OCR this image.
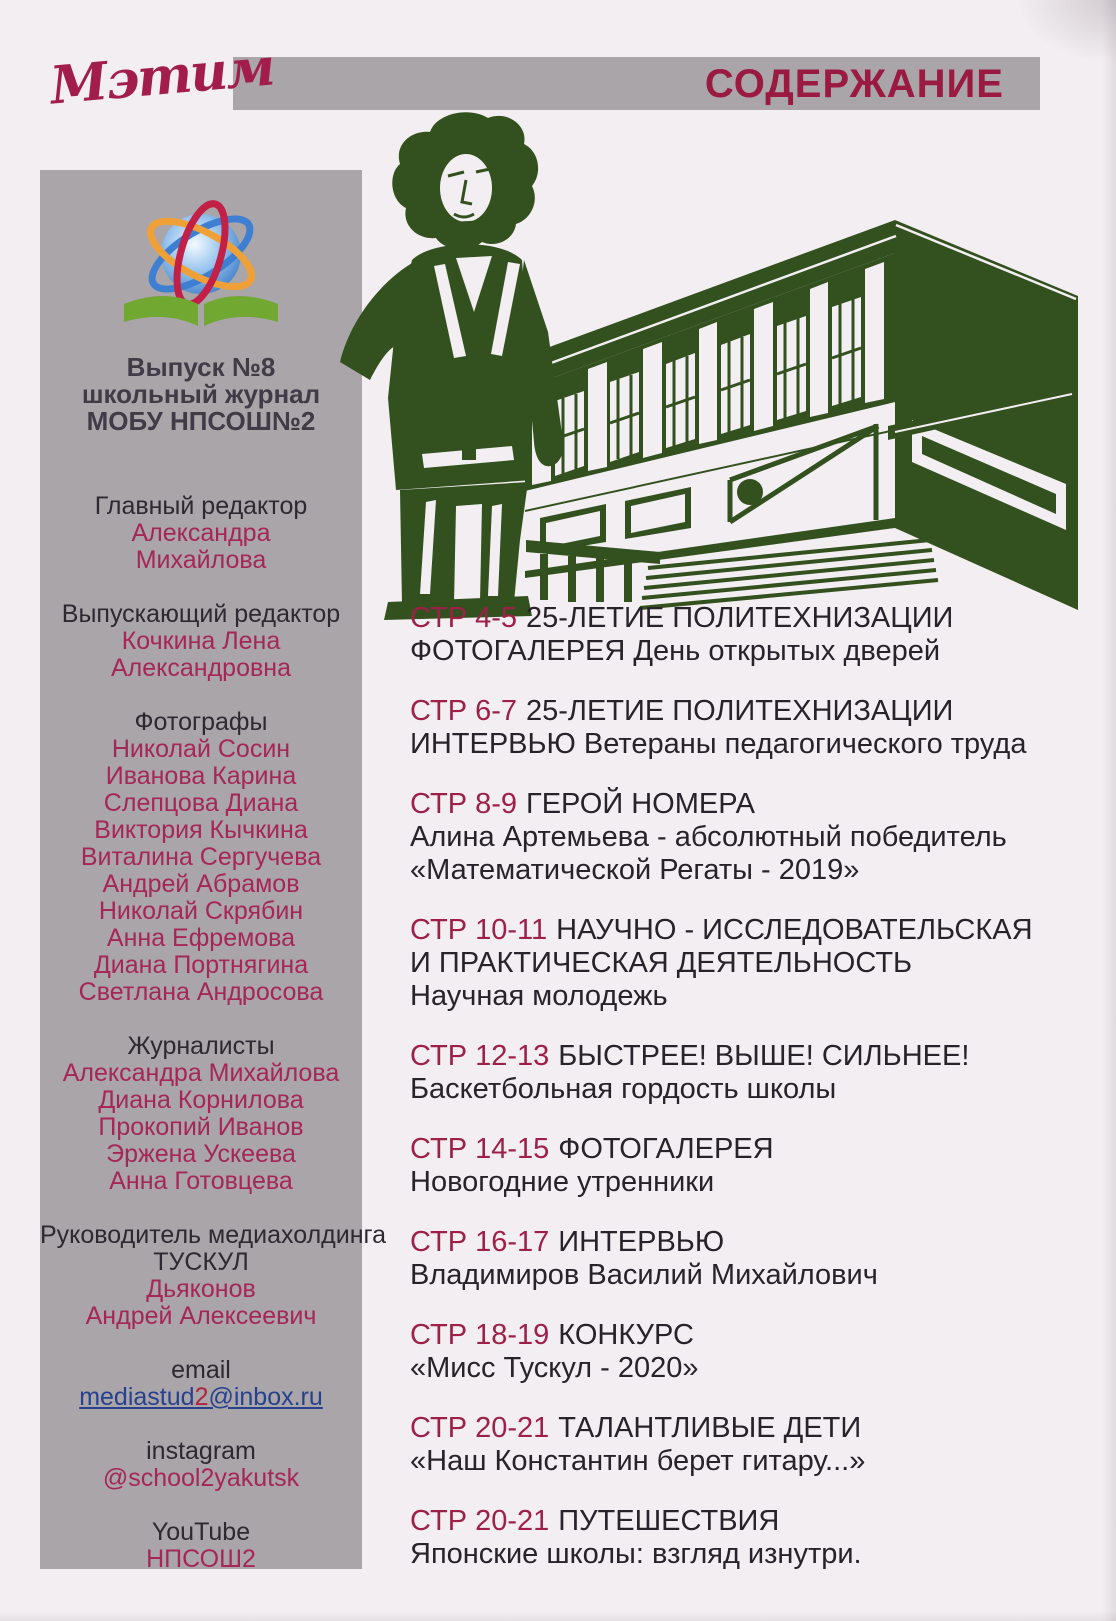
Мэтим	СОДЕРЖАНИЕ
Выпуск №8
школьный журнал
МОБУ НПСОШ№2
Главный редактор
Александра
Михайлова
Выпускающий редактор
Кочкина Лена
Александровна
Фотографы
Николай Сосин
Иванова Карина
Слепцова Диана
Виктория Кычкина
Виталина Сергучева
Андрей Абрамов
Николай Скрябин
Анна Ефремова
Диана Портнягина
Светлана Андросова
Журналисты
Александра Михайлова
Диана Корнилова
Прокопий Иванов
Эржена Ускеева
Анна Готовцева
Руководитель медиахолдинга
ТУСКУЛ
Дьяконов
Андрей Алексеевич
email
mediastud2@inbox.ru
instagram
@school2yakutsk
YouTube
НПСОШ2
СТР 4-5 25-ЛЕТИЕ ПОЛИТЕХНИЗАЦИИ
ФОТОГАЛЕРЕЯ День открытых дверей
СТР 6-7 25-ЛЕТИЕ ПОЛИТЕХНИЗАЦИИ
ИНТЕРВЬЮ Ветераны педагогического труда
СТР 8-9 ГЕРОЙ НОМЕРА
Алина Артемьева - абсолютный победитель
«Математической Регаты - 2019»
СТР 10-11 НАУЧНО - ИССЛЕДОВАТЕЛЬСКАЯ
И ПРАКТИЧЕСКАЯ ДЕЯТЕЛЬНОСТЬ
Научная молодежь
СТР 12-13 БЫСТРЕЕ! ВЫШЕ! СИЛЬНЕЕ!
Баскетбольная гордость школы
СТР 14-15 ФОТОГАЛЕРЕЯ
Новогодние утренники
СТР 16-17 ИНТЕРВЬЮ
Владимиров Василий Михайлович
СТР 18-19 КОНКУРС
«Мисс Тускул - 2020»
СТР 20-21 ТАЛАНТЛИВЫЕ ДЕТИ
«Наш Константин берет гитару...»
СТР 20-21 ПУТЕШЕСТВИЯ
Японские школы: взгляд изнутри.
